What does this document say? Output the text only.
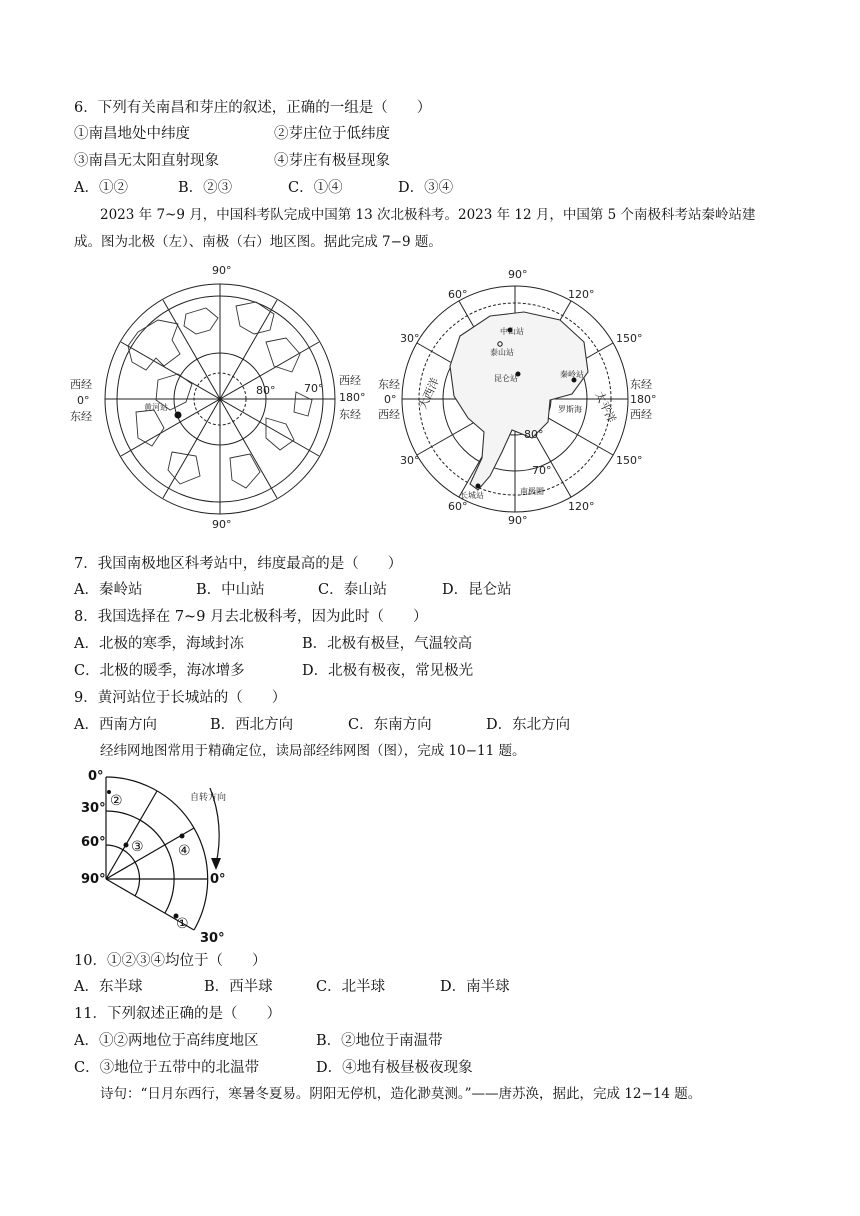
6．下列有关南昌和芽庄的叙述，正确的一组是（　　）
①南昌地处中纬度	②芽庄位于低纬度
③南昌无太阳直射现象	④芽庄有极昼现象
A．①②	B．②③	C．①④	D．③④
2023 年 7~9 月，中国科考队完成中国第 13 次北极科考。2023 年 12 月，中国第 5 个南极科考站秦岭站建
成。图为北极（左）、南极（右）地区图。据此完成 7−9 题。
90°
90°
西经
0°
东经
西经
180°
东经
80°	70°
黄河站
90°
90°
60°	120°
30°	150°
30°	150°
60°	120°
东经
0°
西经
东经
180°
西经
大西洋	太平洋
中山站
泰山站
昆仑站	秦岭站
罗斯海
长城站
80°
70°
南极圈
7．我国南极地区科考站中，纬度最高的是（　　）
A．秦岭站	B．中山站	C．泰山站	D．昆仑站
8．我国选择在 7~9 月去北极科考，因为此时（　　）
A．北极的寒季，海域封冻	B．北极有极昼，气温较高
C．北极的暖季，海冰增多	D．北极有极夜，常见极光
9．黄河站位于长城站的（　　）
A．西南方向	B．西北方向	C．东南方向	D．东北方向
经纬网地图常用于精确定位，读局部经纬网图（图），完成 10−11 题。
0°
30°
60°
90°	0°
30°
自转方向
②
③ ④
①
10．①②③④均位于（　　）
A．东半球	B．西半球	C．北半球	D．南半球
11．下列叙述正确的是（　　）
A．①②两地位于高纬度地区	B．②地位于南温带
C．③地位于五带中的北温带	D．④地有极昼极夜现象
诗句：“日月东西行，寒暑冬夏易。阴阳无停机，造化渺莫测。”——唐苏涣，据此，完成 12−14 题。
